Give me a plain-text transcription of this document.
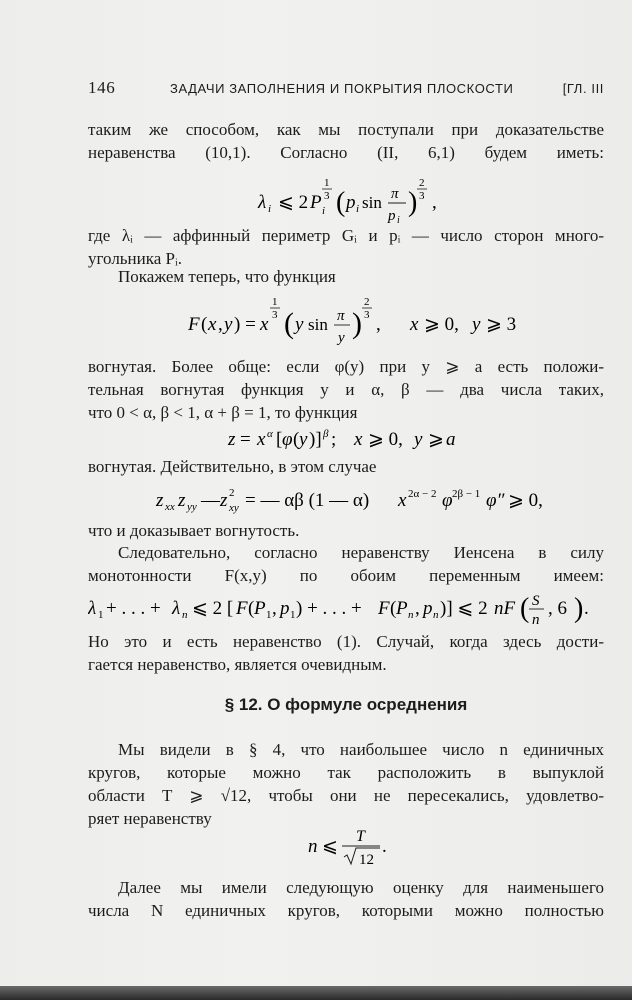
146	ЗАДАЧИ ЗАПОЛНЕНИЯ И ПОКРЫТИЯ ПЛОСКОСТИ	[ГЛ. III
таким же способом, как мы поступали при доказательстве
неравенства (10,1). Согласно (II, 6,1) будем иметь:
λ i ⩽ 2 P i
1
3 ( p i sin π
p i
)
2
3 ,
где λᵢ — аффинный периметр Gᵢ и pᵢ — число сторон много-
угольника Pᵢ.
Покажем теперь, что функция
F ( x , y ) = x
1
3 ( y sin π
y )
2
3 , x ⩾ 0, y ⩾ 3
вогнутая. Более обще: если φ(y) при y ⩾ a есть положи-
тельная вогнутая функция y и α, β — два числа таких,
что 0 < α, β < 1, α + β = 1, то функция
z = x α [ φ ( y )] β ; x ⩾ 0, y ⩾ a
вогнутая. Действительно, в этом случае
z xx z yy — z 2
xy = — αβ (1 — α) x 2α − 2 φ 2β − 1 φ″ ⩾ 0,
что и доказывает вогнутость.
Следовательно, согласно неравенству Иенсена в силу
монотонности F(x,y) по обоим переменным имеем:
λ 1 + . . . + λ n ⩽ 2 [ F ( P 1 , p 1 ) + . . . + F ( P n , p n )] ⩽ 2 nF ( S
n
, 6 ) .
Но это и есть неравенство (1). Случай, когда здесь дости-
гается неравенство, является очевидным.
§ 12. О формуле осреднения
Мы видели в § 4, что наибольшее число n единичных
кругов, которые можно так расположить в выпуклой
области T ⩾ √12, чтобы они не пересекались, удовлетво-
ряет неравенству
n ⩽ T
12
.
Далее мы имели следующую оценку для наименьшего
числа N единичных кругов, которыми можно полностью
